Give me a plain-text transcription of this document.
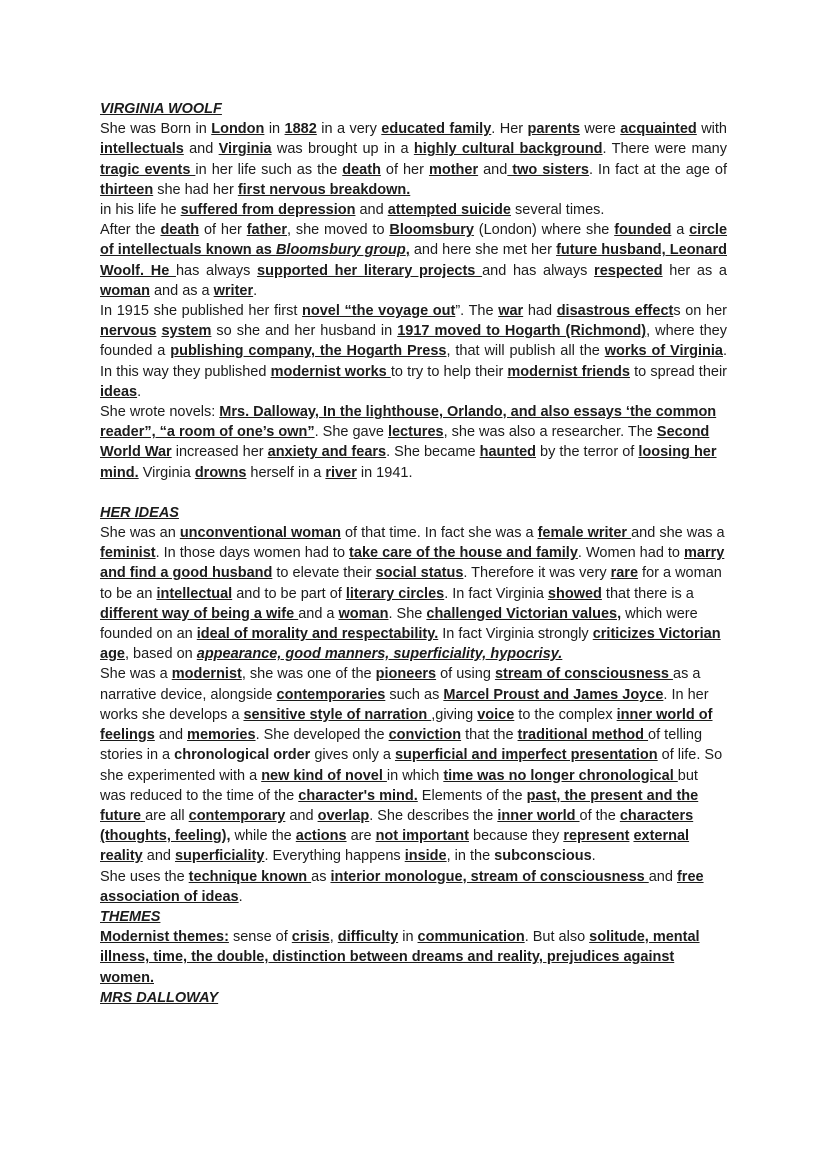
VIRGINIA WOOLF

She was Born in London in 1882 in a very educated family. Her parents were acquainted with intellectuals and Virginia was brought up in a highly cultural background. There were many tragic events in her life such as the death of her mother and two sisters. In fact at the age of thirteen she had her first nervous breakdown.

in his life he suffered from depression and attempted suicide several times.

After the death of her father, she moved to Bloomsbury (London) where she founded a circle of intellectuals known as Bloomsbury group, and here she met her future husband, Leonard Woolf. He has always supported her literary projects and has always respected her as a woman and as a writer.

In 1915 she published her first novel “the voyage out”. The war had disastrous effects on her nervous system so she and her husband in 1917 moved to Hogarth (Richmond), where they founded a publishing company, the Hogarth Press, that will publish all the works of Virginia. In this way they published modernist works to try to help their modernist friends to spread their ideas.

She wrote novels: Mrs. Dalloway, In the lighthouse, Orlando, and also essays ‘the common reader”, “a room of one’s own”. She gave lectures, she was also a researcher. The Second World War increased her anxiety and fears. She became haunted by the terror of loosing her mind. Virginia drowns herself in a river in 1941.

HER IDEAS

She was an unconventional woman of that time. In fact she was a female writer and she was a feminist. In those days women had to take care of the house and family. Women had to marry and find a good husband to elevate their social status. Therefore it was very rare for a woman to be an intellectual and to be part of literary circles. In fact Virginia showed that there is a different way of being a wife and a woman. She challenged Victorian values, which were founded on an ideal of morality and respectability. In fact Virginia strongly criticizes Victorian age, based on appearance, good manners, superficiality, hypocrisy.

She was a modernist, she was one of the pioneers of using stream of consciousness as a narrative device, alongside contemporaries such as Marcel Proust and James Joyce. In her works she develops a sensitive style of narration ,giving voice to the complex inner world of feelings and memories. She developed the conviction that the traditional method of telling stories in a chronological order gives only a superficial and imperfect presentation of life. So she experimented with a new kind of novel in which time was no longer chronological but was reduced to the time of the character's mind. Elements of the past, the present and the future are all contemporary and overlap. She describes the inner world of the characters (thoughts, feeling), while the actions are not important because they represent external reality and superficiality. Everything happens inside, in the subconscious.

She uses the technique known as interior monologue, stream of consciousness and free association of ideas.

THEMES

Modernist themes: sense of crisis, difficulty in communication. But also solitude, mental illness, time, the double, distinction between dreams and reality, prejudices against women.

MRS DALLOWAY
